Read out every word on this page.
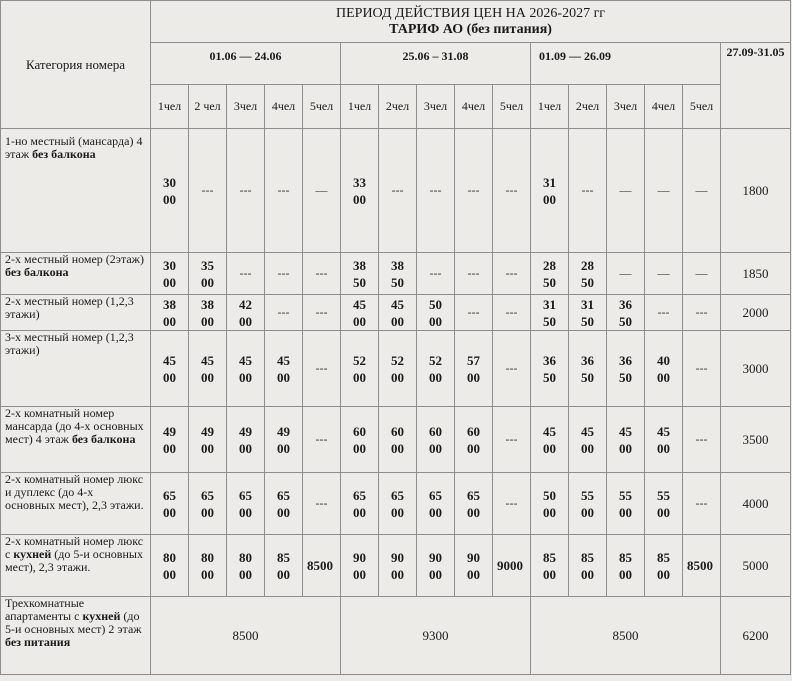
Категория номера	ПЕРИОД ДЕЙСТВИЯ ЦЕН НА 2026-2027 гг
ТАРИФ АО (без питания)															

	01.06 — 24.06					25.06 – 31.08					01.09 — 26.09					27.09-31.05
	1чел	2 чел	3чел	4чел	5чел	1чел	2чел	3чел	4чел	5чел	1чел	2чел	3чел	4чел	5чел	
1-но местный (мансарда) 4 этаж без балкона	3000	---	---	---	—	3300	---	---	---	---	3100	---	—	—	—	1800
2-х местный номер (2этаж) без балкона	3000	3500	---	---	---	3850	3850	---	---	---	2850	2850	—	—	—	1850
2-х местный номер (1,2,3 этажи)	3800	3800	4200	---	---	4500	4500	5000	---	---	3150	3150	3650	---	---	2000
3-х местный номер (1,2,3 этажи)	4500	4500	4500	4500	---	5200	5200	5200	5700	---	3650	3650	3650	4000	---	3000
2-х комнатный номер мансарда (до 4-х основных мест) 4 этаж без балкона	4900	4900	4900	4900	---	6000	6000	6000	6000	---	4500	4500	4500	4500	---	3500
2-х комнатный номер люкс и дуплекс (до 4-х основных мест), 2,3 этажи.	6500	6500	6500	6500	---	6500	6500	6500	6500	---	5000	5500	5500	5500	---	4000
2-х комнатный номер люкс с кухней (до 5-и основных мест), 2,3 этажи.	8000	8000	8000	8500	8500	9000	9000	9000	9000	9000	8500	8500	8500	8500	8500	5000
Трехкомнатные апартаменты с кухней (до 5-и основных мест) 2 этаж без питания	8500					9300					8500					6200
